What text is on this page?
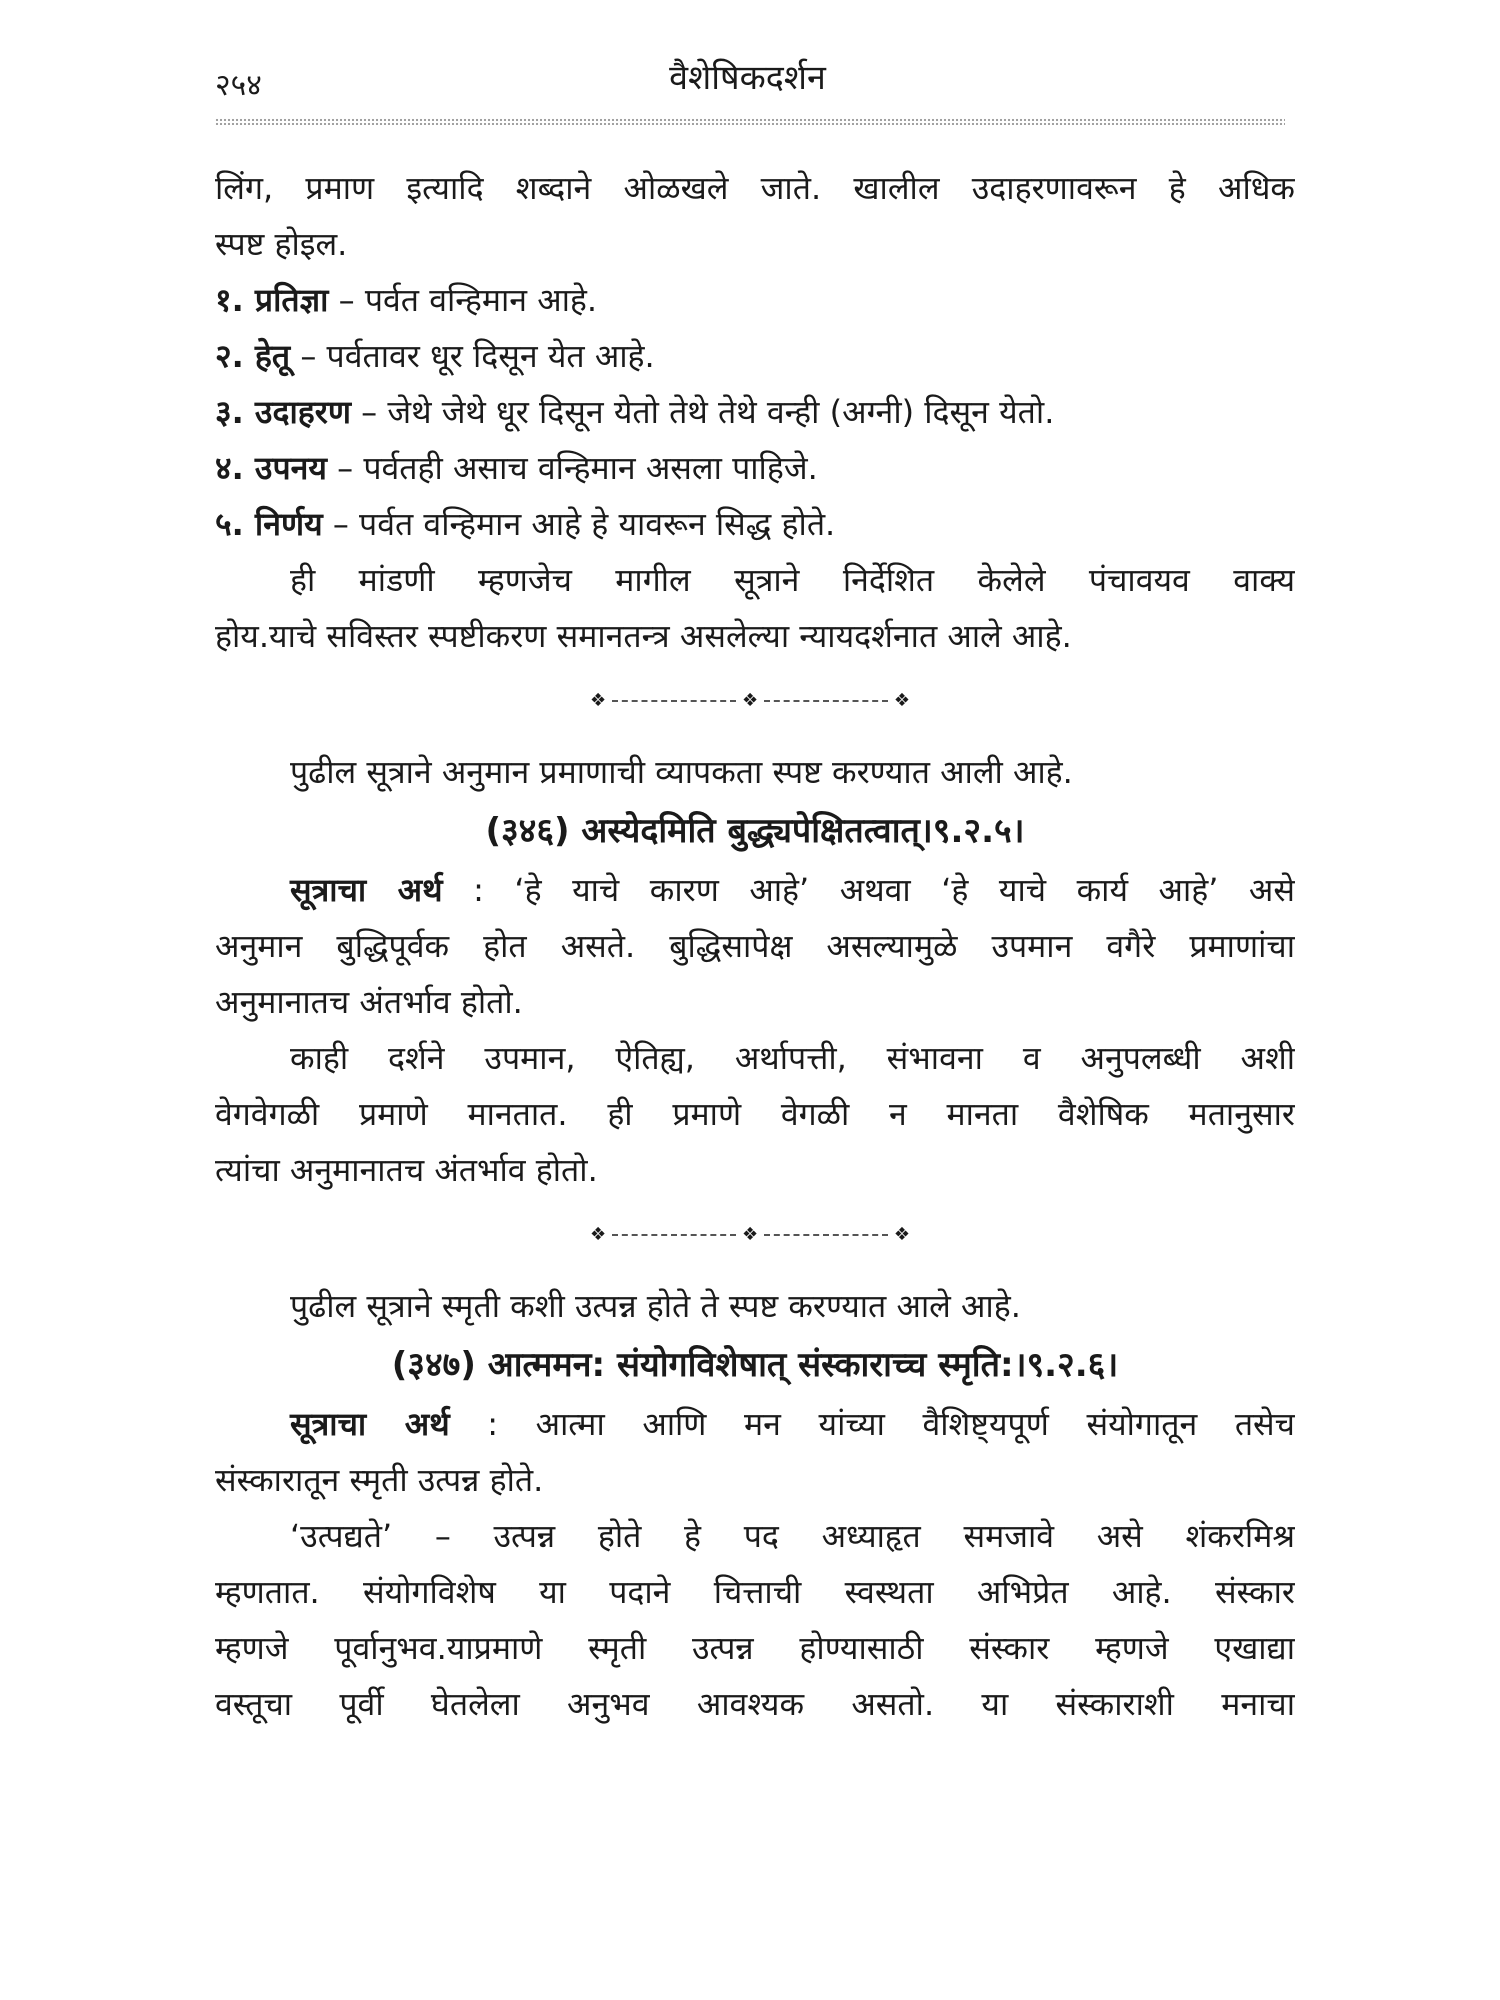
२५४	वैशेषिकदर्शन
लिंग, प्रमाण इत्यादि शब्दाने ओळखले जाते. खालील उदाहरणावरून हे अधिक
स्पष्ट होइल.
१. प्रतिज्ञा – पर्वत वन्हिमान आहे.
२. हेतू – पर्वतावर धूर दिसून येत आहे.
३. उदाहरण – जेथे जेथे धूर दिसून येतो तेथे तेथे वन्ही (अग्नी) दिसून येतो.
४. उपनय – पर्वतही असाच वन्हिमान असला पाहिजे.
५. निर्णय – पर्वत वन्हिमान आहे हे यावरून सिद्ध होते.
ही मांडणी म्हणजेच मागील सूत्राने निर्देशित केलेले पंचावयव वाक्य
होय.याचे सविस्तर स्पष्टीकरण समानतन्त्र असलेल्या न्यायदर्शनात आले आहे.
❖	❖	❖
पुढील सूत्राने अनुमान प्रमाणाची व्यापकता स्पष्ट करण्यात आली आहे.
(३४६) अस्येदमिति बुद्ध्यपेक्षितत्वात्।९.२.५।
सूत्राचा अर्थ : ‘हे याचे कारण आहे’ अथवा ‘हे याचे कार्य आहे’ असे
अनुमान बुद्धिपूर्वक होत असते. बुद्धिसापेक्ष असल्यामुळे उपमान वगैरे प्रमाणांचा
अनुमानातच अंतर्भाव होतो.
काही दर्शने उपमान, ऐतिह्य, अर्थापत्ती, संभावना व अनुपलब्धी अशी
वेगवेगळी प्रमाणे मानतात. ही प्रमाणे वेगळी न मानता वैशेषिक मतानुसार
त्यांचा अनुमानातच अंतर्भाव होतो.
❖	❖	❖
पुढील सूत्राने स्मृती कशी उत्पन्न होते ते स्पष्ट करण्यात आले आहे.
(३४७) आत्ममन: संयोगविशेषात् संस्काराच्च स्मृति:।९.२.६।
सूत्राचा अर्थ : आत्मा आणि मन यांच्या वैशिष्ट्यपूर्ण संयोगातून तसेच
संस्कारातून स्मृती उत्पन्न होते.
‘उत्पद्यते’ – उत्पन्न होते हे पद अध्याहृत समजावे असे शंकरमिश्र
म्हणतात. संयोगविशेष या पदाने चित्ताची स्वस्थता अभिप्रेत आहे. संस्कार
म्हणजे पूर्वानुभव.याप्रमाणे स्मृती उत्पन्न होण्यासाठी संस्कार म्हणजे एखाद्या
वस्तूचा पूर्वी घेतलेला अनुभव आवश्यक असतो. या संस्काराशी मनाचा
